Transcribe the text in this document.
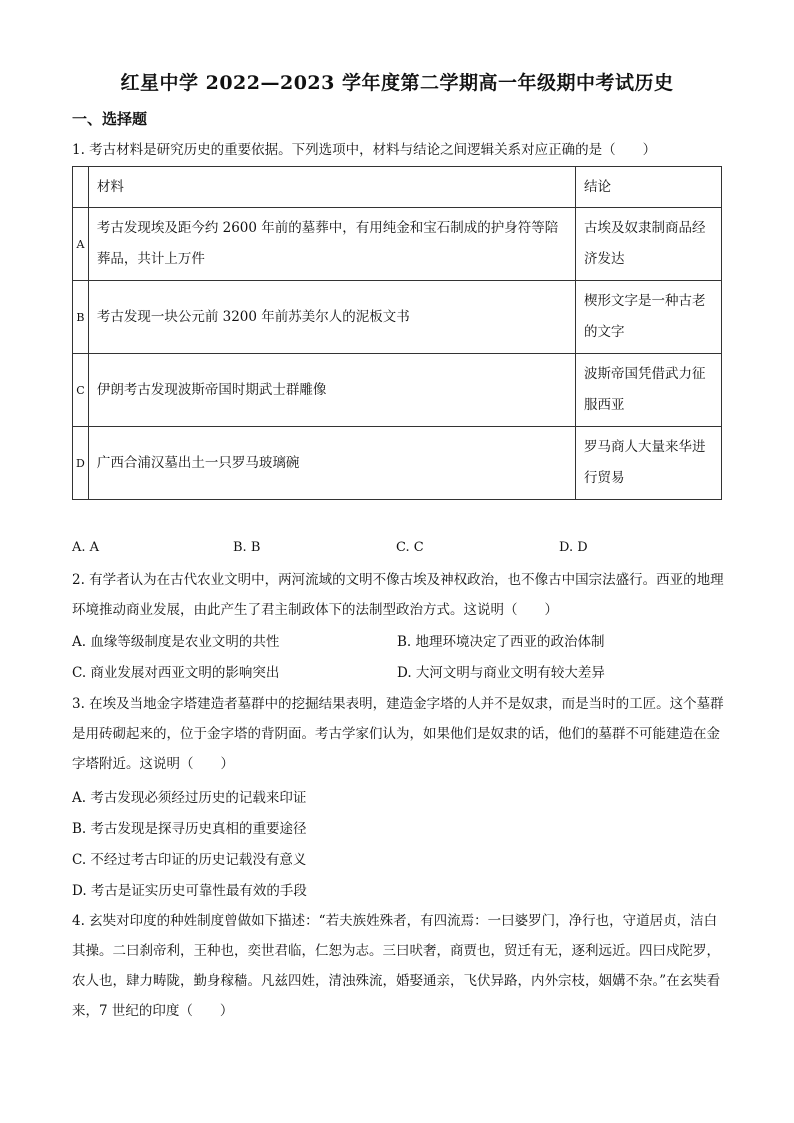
红星中学 2022—2023 学年度第二学期高一年级期中考试历史
一、选择题
1. 考古材料是研究历史的重要依据。下列选项中，材料与结论之间逻辑关系对应正确的是（　　）
	材料	结论
A	考古发现埃及距今约 2600 年前的墓葬中，有用纯金和宝石制成的护身符等陪葬品，共计上万件	古埃及奴隶制商品经济发达
B	考古发现一块公元前 3200 年前苏美尔人的泥板文书	楔形文字是一种古老的文字
C	伊朗考古发现波斯帝国时期武士群雕像	波斯帝国凭借武力征服西亚
D	广西合浦汉墓出土一只罗马玻璃碗	罗马商人大量来华进行贸易
A. A	B. B	C. C	D. D
2. 有学者认为在古代农业文明中，两河流域的文明不像古埃及神权政治，也不像古中国宗法盛行。西亚的地理环境推动商业发展，由此产生了君主制政体下的法制型政治方式。这说明（　　）
A. 血缘等级制度是农业文明的共性	B. 地理环境决定了西亚的政治体制
C. 商业发展对西亚文明的影响突出	D. 大河文明与商业文明有较大差异
3. 在埃及当地金字塔建造者墓群中的挖掘结果表明，建造金字塔的人并不是奴隶，而是当时的工匠。这个墓群是用砖砌起来的，位于金字塔的背阴面。考古学家们认为，如果他们是奴隶的话，他们的墓群不可能建造在金字塔附近。这说明（　　）
A. 考古发现必须经过历史的记载来印证
B. 考古发现是探寻历史真相的重要途径
C. 不经过考古印证的历史记载没有意义
D. 考古是证实历史可靠性最有效的手段
4. 玄奘对印度的种姓制度曾做如下描述：“若夫族姓殊者，有四流焉：一曰婆罗门，净行也，守道居贞，洁白其操。二曰刹帝利，王种也，奕世君临，仁恕为志。三曰吠奢，商贾也，贸迁有无，逐利远近。四曰戍陀罗，农人也，肆力畴陇，勤身稼穑。凡兹四姓，清浊殊流，婚娶通亲，飞伏异路，内外宗枝，姻媾不杂。”在玄奘看来，7 世纪的印度（　　）
